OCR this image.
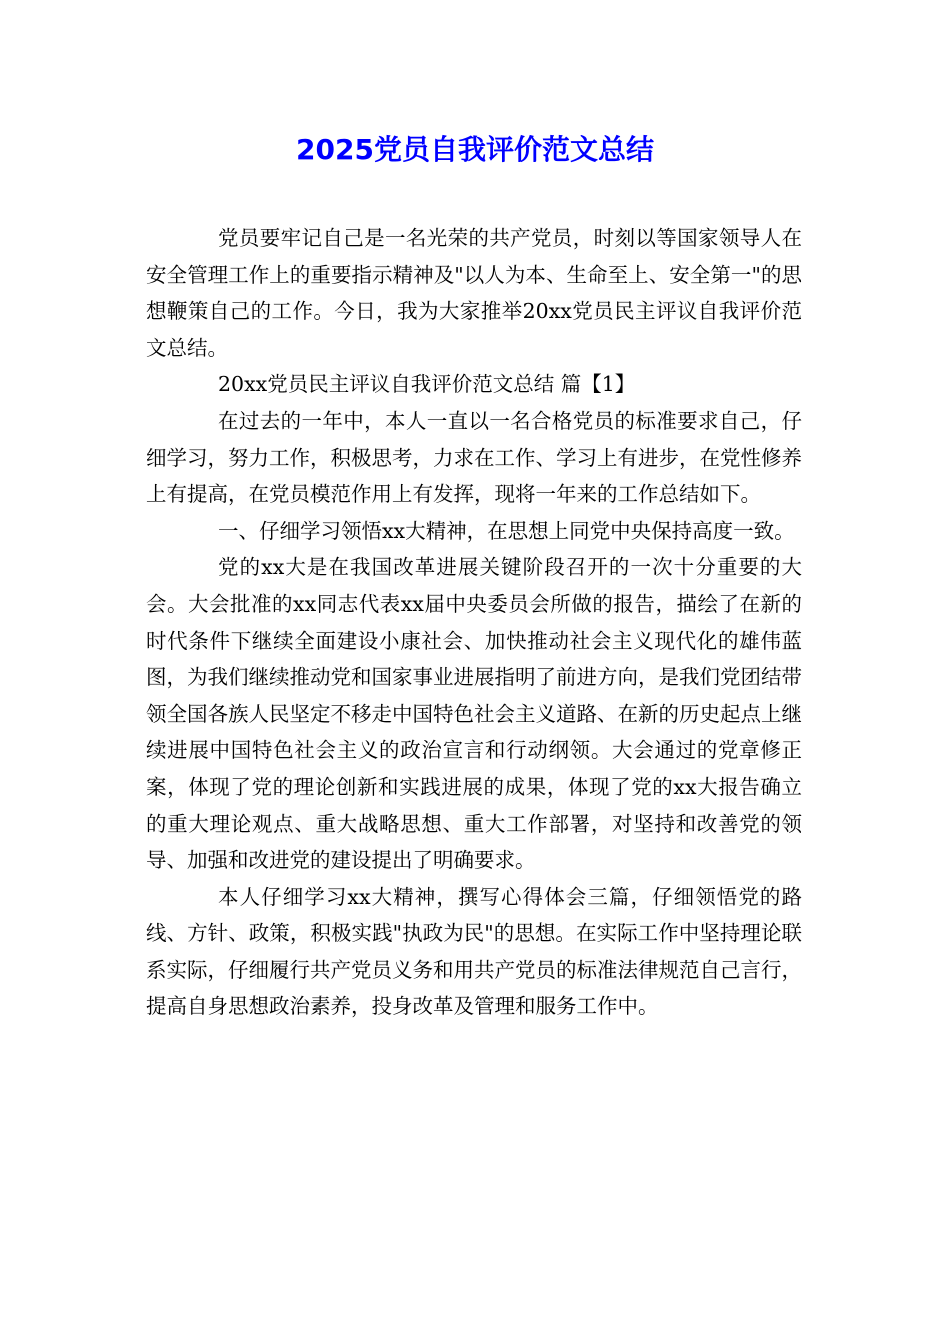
2025党员自我评价范文总结

党员要牢记自己是一名光荣的共产党员，时刻以等国家领导人在安全管理工作上的重要指示精神及"以人为本、生命至上、安全第一"的思想鞭策自己的工作。今日，我为大家推举20xx党员民主评议自我评价范文总结。

20xx党员民主评议自我评价范文总结 篇【1】

在过去的一年中，本人一直以一名合格党员的标准要求自己，仔细学习，努力工作，积极思考，力求在工作、学习上有进步，在党性修养上有提高，在党员模范作用上有发挥，现将一年来的工作总结如下。

一、仔细学习领悟xx大精神，在思想上同党中央保持高度一致。

党的xx大是在我国改革进展关键阶段召开的一次十分重要的大会。大会批准的xx同志代表xx届中央委员会所做的报告，描绘了在新的时代条件下继续全面建设小康社会、加快推动社会主义现代化的雄伟蓝图，为我们继续推动党和国家事业进展指明了前进方向，是我们党团结带领全国各族人民坚定不移走中国特色社会主义道路、在新的历史起点上继续进展中国特色社会主义的政治宣言和行动纲领。大会通过的党章修正案，体现了党的理论创新和实践进展的成果，体现了党的xx大报告确立的重大理论观点、重大战略思想、重大工作部署，对坚持和改善党的领导、加强和改进党的建设提出了明确要求。

本人仔细学习xx大精神，撰写心得体会三篇，仔细领悟党的路线、方针、政策，积极实践"执政为民"的思想。在实际工作中坚持理论联系实际，仔细履行共产党员义务和用共产党员的标准法律规范自己言行，提高自身思想政治素养，投身改革及管理和服务工作中。
